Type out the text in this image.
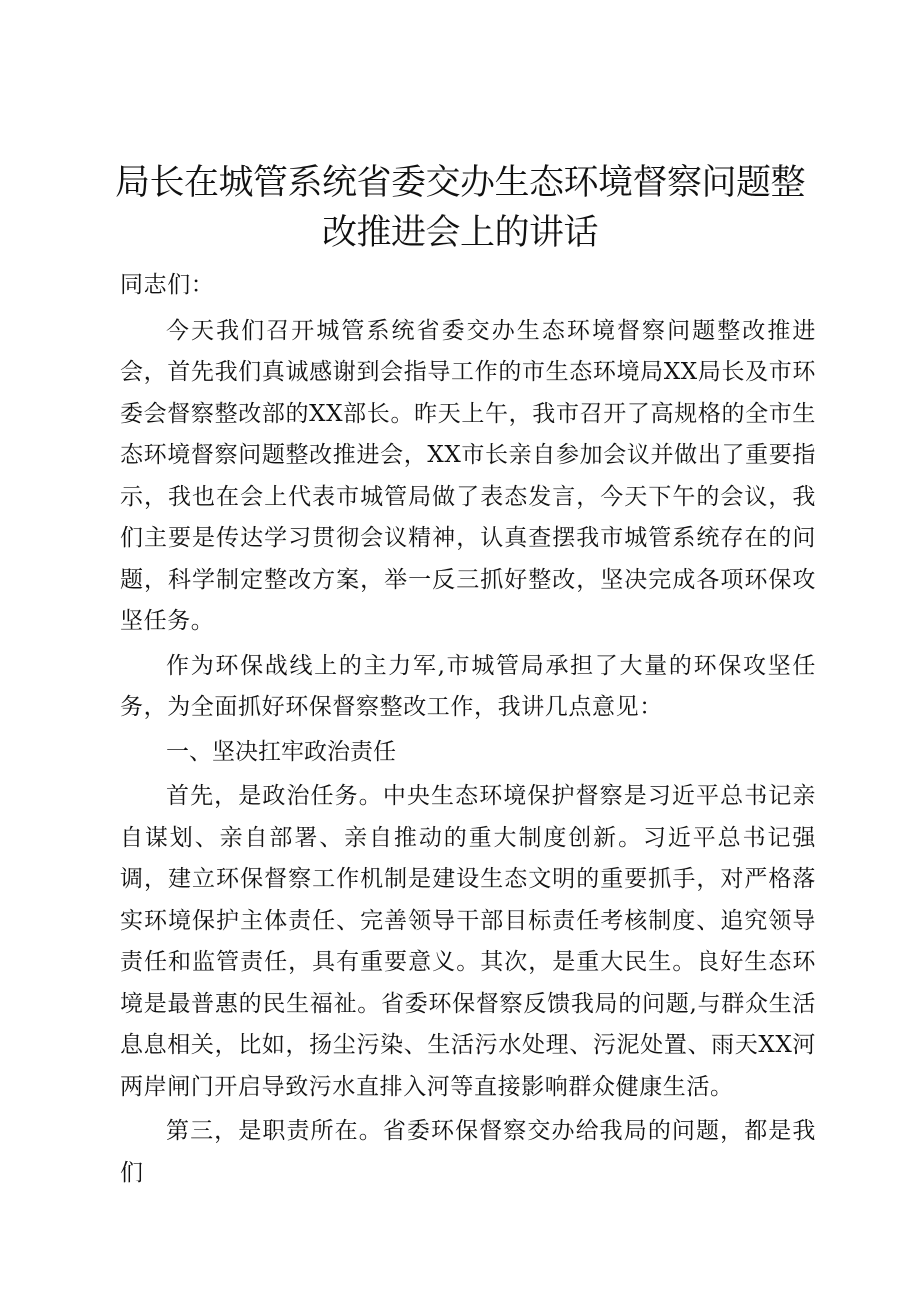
局长在城管系统省委交办生态环境督察问题整
改推进会上的讲话

同志们：

今天我们召开城管系统省委交办生态环境督察问题整改推进会，首先我们真诚感谢到会指导工作的市生态环境局XX局长及市环委会督察整改部的XX部长。昨天上午，我市召开了高规格的全市生态环境督察问题整改推进会，XX市长亲自参加会议并做出了重要指示，我也在会上代表市城管局做了表态发言，今天下午的会议，我们主要是传达学习贯彻会议精神，认真查摆我市城管系统存在的问题，科学制定整改方案，举一反三抓好整改，坚决完成各项环保攻坚任务。

作为环保战线上的主力军,市城管局承担了大量的环保攻坚任务，为全面抓好环保督察整改工作，我讲几点意见：

一、坚决扛牢政治责任

首先，是政治任务。中央生态环境保护督察是习近平总书记亲自谋划、亲自部署、亲自推动的重大制度创新。习近平总书记强调，建立环保督察工作机制是建设生态文明的重要抓手，对严格落实环境保护主体责任、完善领导干部目标责任考核制度、追究领导责任和监管责任，具有重要意义。其次，是重大民生。良好生态环境是最普惠的民生福祉。省委环保督察反馈我局的问题,与群众生活息息相关，比如，扬尘污染、生活污水处理、污泥处置、雨天XX河两岸闸门开启导致污水直排入河等直接影响群众健康生活。

第三，是职责所在。省委环保督察交办给我局的问题，都是我们
